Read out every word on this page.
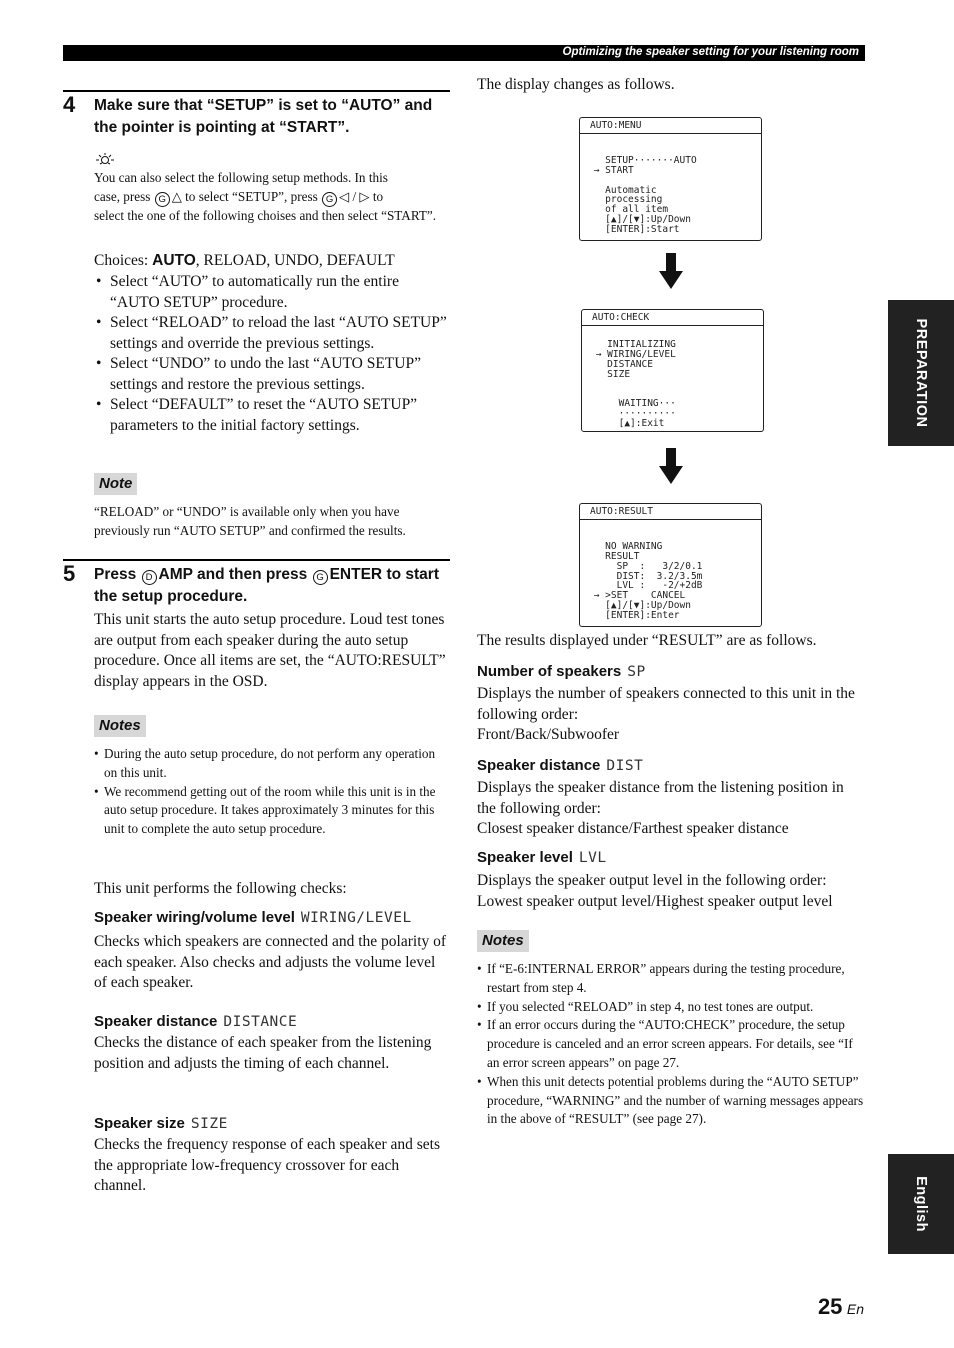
Optimizing the speaker setting for your listening room
PREPARATION
English
4 Make sure that “SETUP” is set to “AUTO” and the pointer is pointing at “START”.
You can also select the following setup methods. In this
case, press G △ to select “SETUP”, press G ◁ / ▷ to
select the one of the following choises and then select “START”.
Choices: AUTO, RELOAD, UNDO, DEFAULT
• Select “AUTO” to automatically run the entire “AUTO SETUP” procedure.
• Select “RELOAD” to reload the last “AUTO SETUP” settings and override the previous settings.
• Select “UNDO” to undo the last “AUTO SETUP” settings and restore the previous settings.
• Select “DEFAULT” to reset the “AUTO SETUP” parameters to the initial factory settings.
Note
“RELOAD” or “UNDO” is available only when you have previously run “AUTO SETUP” and confirmed the results.
5 Press D AMP and then press G ENTER to start the setup procedure.
This unit starts the auto setup procedure. Loud test tones are output from each speaker during the auto setup procedure. Once all items are set, the “AUTO:RESULT” display appears in the OSD.
Notes
• During the auto setup procedure, do not perform any operation on this unit.
• We recommend getting out of the room while this unit is in the auto setup procedure. It takes approximately 3 minutes for this unit to complete the auto setup procedure.
This unit performs the following checks:
Speaker wiring/volume level WIRING/LEVEL
Checks which speakers are connected and the polarity of each speaker. Also checks and adjusts the volume level of each speaker.
Speaker distance DISTANCE
Checks the distance of each speaker from the listening position and adjusts the timing of each channel.
Speaker size SIZE
Checks the frequency response of each speaker and sets the appropriate low-frequency crossover for each channel.
The display changes as follows.
AUTO:MENU

SETUP·······AUTO
→ START

Automatic
processing
of all item
[▲]/[▼]:Up/Down
[ENTER]:Start
AUTO:CHECK

INITIALIZING
→ WIRING/LEVEL
DISTANCE
SIZE

WAITING···
··········
[▲]:Exit
AUTO:RESULT

NO WARNING
RESULT
SP  :   3/2/0.1
DIST:  3.2/3.5m
LVL :   -2/+2dB
→ >SET    CANCEL
[▲]/[▼]:Up/Down
[ENTER]:Enter
The results displayed under “RESULT” are as follows.
Number of speakers SP
Displays the number of speakers connected to this unit in the following order:
Front/Back/Subwoofer
Speaker distance DIST
Displays the speaker distance from the listening position in the following order:
Closest speaker distance/Farthest speaker distance
Speaker level LVL
Displays the speaker output level in the following order:
Lowest speaker output level/Highest speaker output level
Notes
• If “E-6:INTERNAL ERROR” appears during the testing procedure, restart from step 4.
• If you selected “RELOAD” in step 4, no test tones are output.
• If an error occurs during the “AUTO:CHECK” procedure, the setup procedure is canceled and an error screen appears. For details, see “If an error screen appears” on page 27.
• When this unit detects potential problems during the “AUTO SETUP” procedure, “WARNING” and the number of warning messages appears in the above of “RESULT” (see page 27).
25 En
